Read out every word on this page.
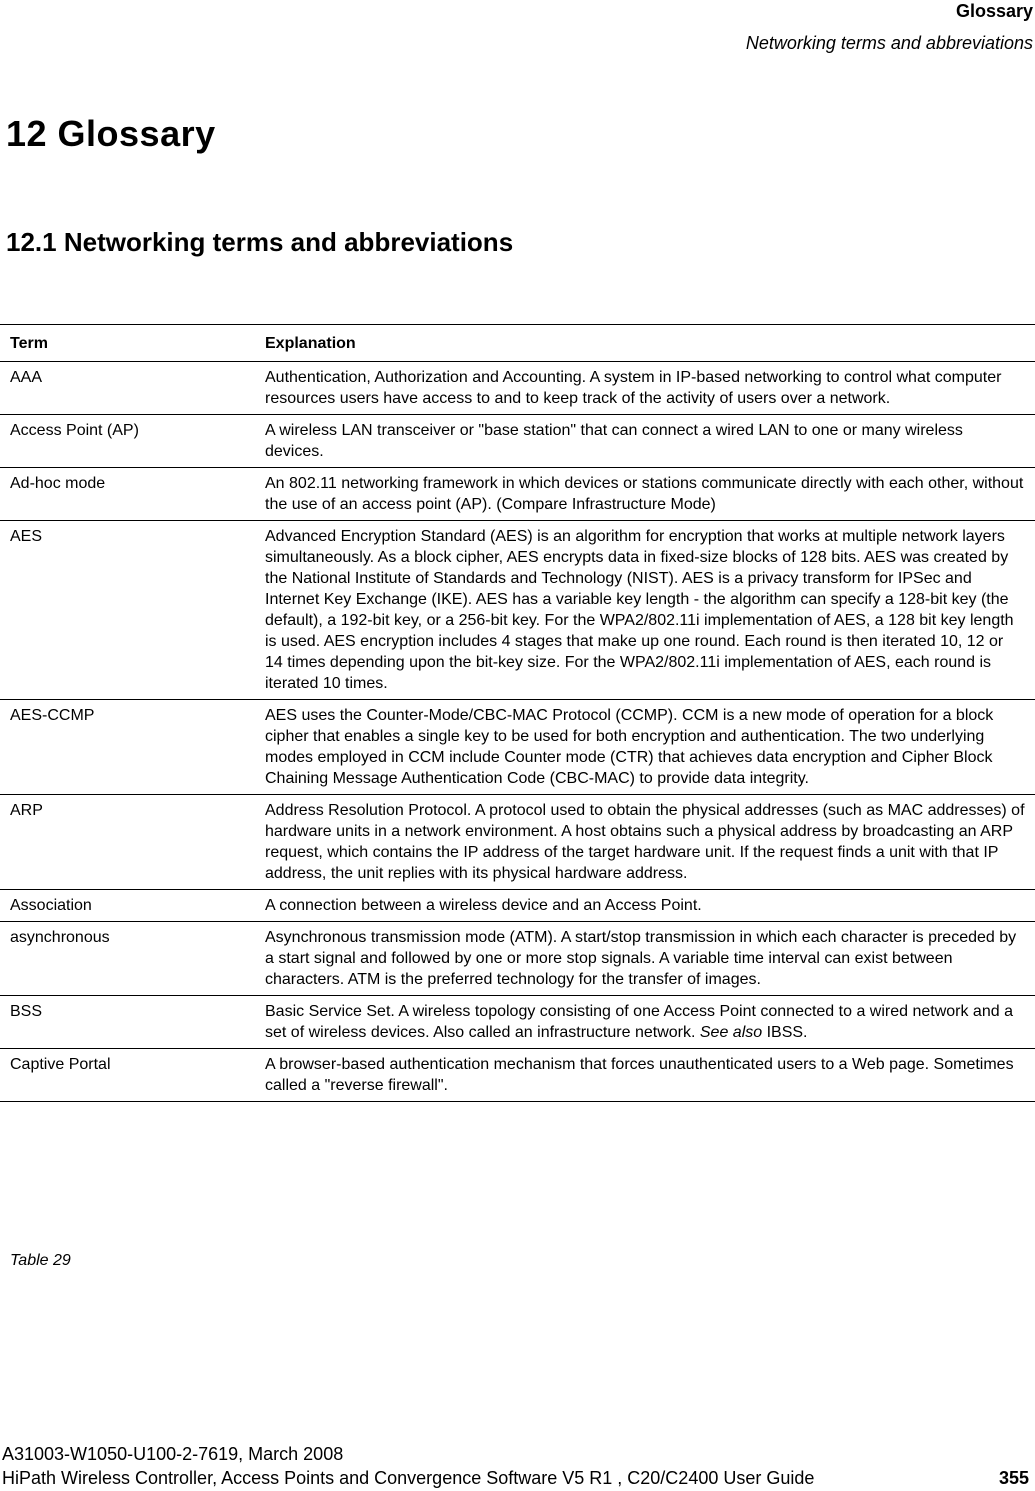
Glossary
Networking terms and abbreviations
12 Glossary
12.1 Networking terms and abbreviations
Term	Explanation
AAA	Authentication, Authorization and Accounting. A system in IP-based networking to control what computer resources users have access to and to keep track of the activity of users over a network.
Access Point (AP)	A wireless LAN transceiver or "base station" that can connect a wired LAN to one or many wireless devices.
Ad-hoc mode	An 802.11 networking framework in which devices or stations communicate directly with each other, without the use of an access point (AP). (Compare Infrastructure Mode)
AES	Advanced Encryption Standard (AES) is an algorithm for encryption that works at multiple network layers simultaneously. As a block cipher, AES encrypts data in fixed-size blocks of 128 bits. AES was created by the National Institute of Standards and Technology (NIST). AES is a privacy transform for IPSec and Internet Key Exchange (IKE). AES has a variable key length - the algorithm can specify a 128-bit key (the default), a 192-bit key, or a 256-bit key. For the WPA2/802.11i implementation of AES, a 128 bit key length is used. AES encryption includes 4 stages that make up one round. Each round is then iterated 10, 12 or 14 times depending upon the bit-key size. For the WPA2/802.11i implementation of AES, each round is iterated 10 times.
AES-CCMP	AES uses the Counter-Mode/CBC-MAC Protocol (CCMP). CCM is a new mode of operation for a block cipher that enables a single key to be used for both encryption and authentication. The two underlying modes employed in CCM include Counter mode (CTR) that achieves data encryption and Cipher Block Chaining Message Authentication Code (CBC-MAC) to provide data integrity.
ARP	Address Resolution Protocol. A protocol used to obtain the physical addresses (such as MAC addresses) of hardware units in a network environment. A host obtains such a physical address by broadcasting an ARP request, which contains the IP address of the target hardware unit. If the request finds a unit with that IP address, the unit replies with its physical hardware address.
Association	A connection between a wireless device and an Access Point.
asynchronous	Asynchronous transmission mode (ATM). A start/stop transmission in which each character is preceded by a start signal and followed by one or more stop signals. A variable time interval can exist between characters. ATM is the preferred technology for the transfer of images.
BSS	Basic Service Set. A wireless topology consisting of one Access Point connected to a wired network and a set of wireless devices. Also called an infrastructure network. See also IBSS.
Captive Portal	A browser-based authentication mechanism that forces unauthenticated users to a Web page. Sometimes called a "reverse firewall".
Table 29
A31003-W1050-U100-2-7619, March 2008
HiPath Wireless Controller, Access Points and Convergence Software V5 R1 , C20/C2400 User Guide	355
